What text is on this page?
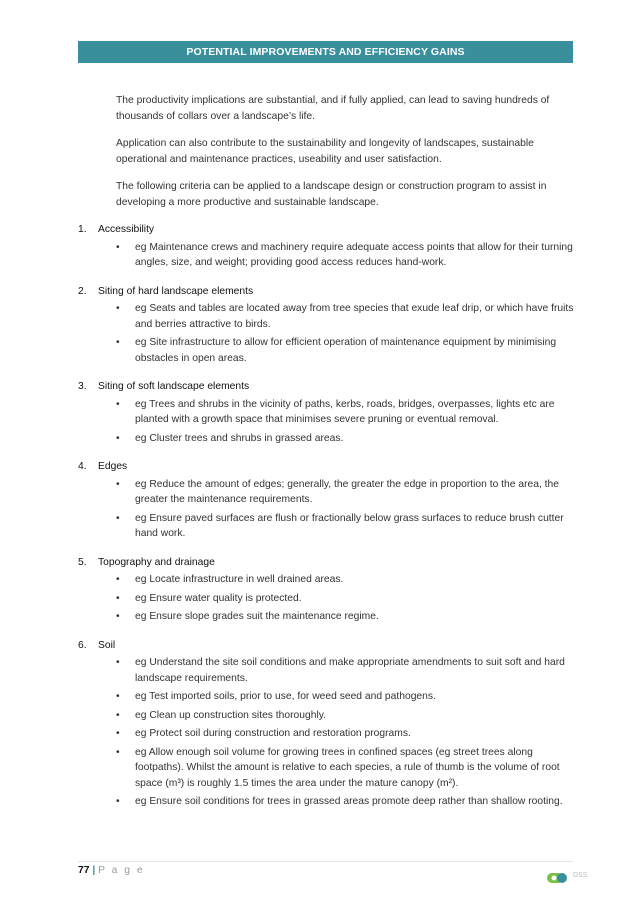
POTENTIAL IMPROVEMENTS AND EFFICIENCY GAINS

The productivity implications are substantial, and if fully applied, can lead to saving hundreds of thousands of collars over a landscape’s life.

Application can also contribute to the sustainability and longevity of landscapes, sustainable operational and maintenance practices, useability and user satisfaction.

The following criteria can be applied to a landscape design or construction program to assist in developing a more productive and sustainable landscape.

1.	Accessibility
• eg Maintenance crews and machinery require adequate access points that allow for their turning angles, size, and weight; providing good access reduces hand-work.
2.	Siting of hard landscape elements
• eg Seats and tables are located away from tree species that exude leaf drip, or which have fruits and berries attractive to birds.
• eg Site infrastructure to allow for efficient operation of maintenance equipment by minimising obstacles in open areas.
3.	Siting of soft landscape elements
• eg Trees and shrubs in the vicinity of paths, kerbs, roads, bridges, overpasses, lights etc are planted with a growth space that minimises severe pruning or eventual removal.
• eg Cluster trees and shrubs in grassed areas.
4.	Edges
• eg Reduce the amount of edges; generally, the greater the edge in proportion to the area, the greater the maintenance requirements.
• eg Ensure paved surfaces are flush or fractionally below grass surfaces to reduce brush cutter hand work.
5.	Topography and drainage
• eg Locate infrastructure in well drained areas.
• eg Ensure water quality is protected.
• eg Ensure slope grades suit the maintenance regime.
6.	Soil
• eg Understand the site soil conditions and make appropriate amendments to suit soft and hard landscape requirements.
• eg Test imported soils, prior to use, for weed seed and pathogens.
• eg Clean up construction sites thoroughly.
• eg Protect soil during construction and restoration programs.
• eg Allow enough soil volume for growing trees in confined spaces (eg street trees along footpaths). Whilst the amount is relative to each species, a rule of thumb is the volume of root space (m³) is roughly 1.5 times the area under the mature canopy (m²).
• eg Ensure soil conditions for trees in grassed areas promote deep rather than shallow rooting.
77 | P a g e	DSS
